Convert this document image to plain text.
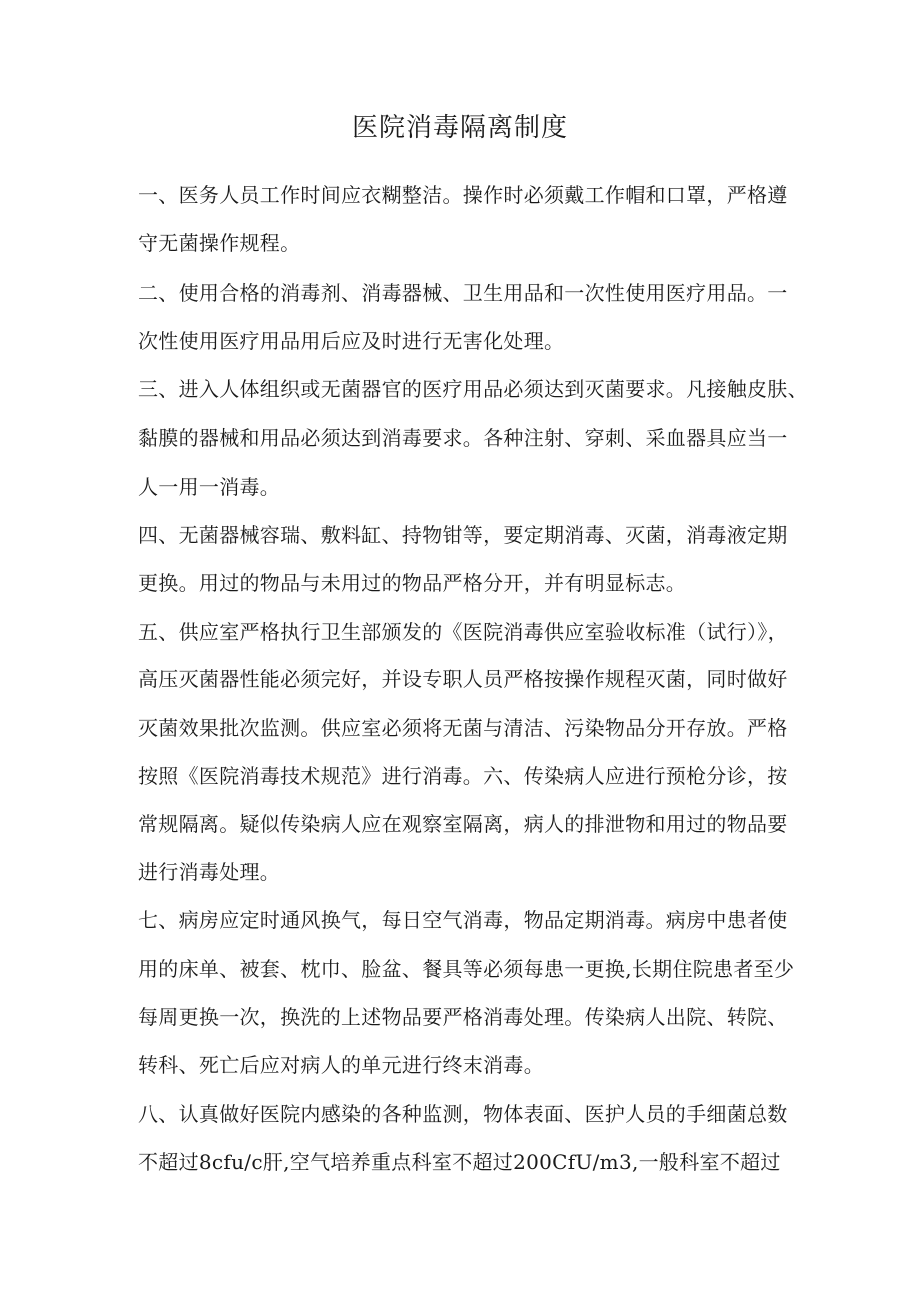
医院消毒隔离制度

一、医务人员工作时间应衣糊整洁。操作时必须戴工作帽和口罩，严格遵

守无菌操作规程。

二、使用合格的消毒剂、消毒器械、卫生用品和一次性使用医疗用品。一

次性使用医疗用品用后应及时进行无害化处理。

三、进入人体组织或无菌器官的医疗用品必须达到灭菌要求。凡接触皮肤、

黏膜的器械和用品必须达到消毒要求。各种注射、穿刺、采血器具应当一

人一用一消毒。

四、无菌器械容瑞、敷料缸、持物钳等，要定期消毒、灭菌，消毒液定期

更换。用过的物品与未用过的物品严格分开，并有明显标志。

五、供应室严格执行卫生部颁发的《医院消毒供应室验收标准（试行）》，

高压灭菌器性能必须完好，并设专职人员严格按操作规程灭菌，同时做好

灭菌效果批次监测。供应室必须将无菌与清洁、污染物品分开存放。严格

按照《医院消毒技术规范》进行消毒。六、传染病人应进行预枪分诊，按

常规隔离。疑似传染病人应在观察室隔离，病人的排泄物和用过的物品要

进行消毒处理。

七、病房应定时通风换气，每日空气消毒，物品定期消毒。病房中患者使

用的床单、被套、枕巾、脸盆、餐具等必须每患一更换,长期住院患者至少

每周更换一次，换洗的上述物品要严格消毒处理。传染病人出院、转院、

转科、死亡后应对病人的单元进行终末消毒。

八、认真做好医院内感染的各种监测，物体表面、医护人员的手细菌总数

不超过8cfu∕c肝,空气培养重点科室不超过200CfU/m3,一般科室不超过
